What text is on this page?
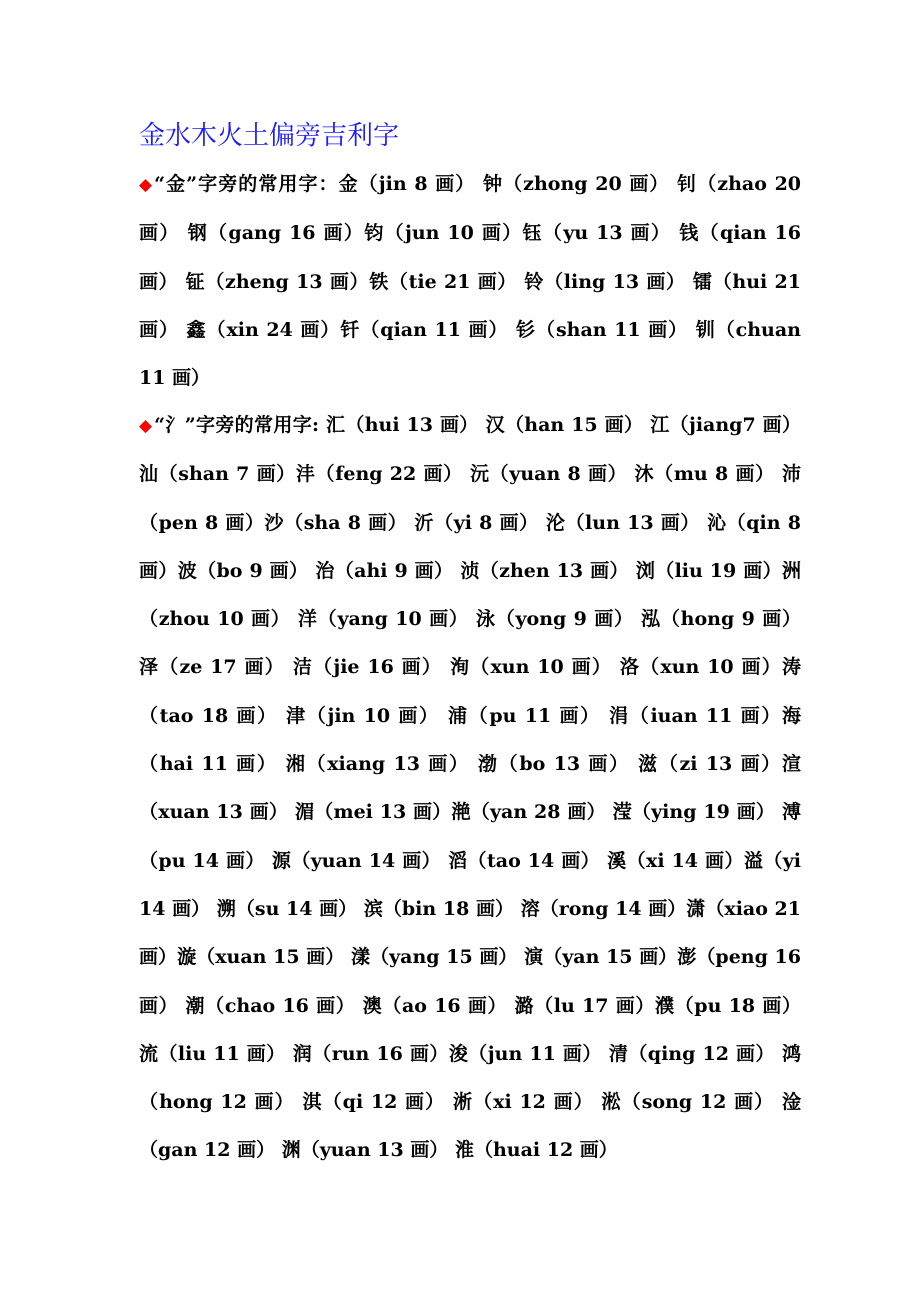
金水木火土偏旁吉利字

◆ “金”字旁的常用字：金（jin 8 画） 钟（zhong 20 画） 钊（zhao 20 画） 钢（gang 16 画）钧（jun 10 画）钰（yu 13 画） 钱（qian 16 画） 钲（zheng 13 画）铁（tie 21 画） 铃（ling 13 画） 镭（hui 21 画） 鑫（xin 24 画）钎（qian 11 画） 钐（shan 11 画） 钏（chuan 11 画）

◆ “氵”字旁的常用字: 汇（hui 13 画） 汉（han 15 画） 江（jiang7 画） 汕（shan 7 画）沣（feng 22 画） 沅（yuan 8 画） 沐（mu 8 画） 沛（pen 8 画）沙（sha 8 画） 沂（yi 8 画） 沦（lun 13 画） 沁（qin 8 画）波（bo 9 画） 治（ahi 9 画） 浈（zhen 13 画） 浏（liu 19 画）洲（zhou 10 画） 洋（yang 10 画） 泳（yong 9 画） 泓（hong 9 画）泽（ze 17 画） 洁（jie 16 画） 洵（xun 10 画） 洛（xun 10 画）涛（tao 18 画） 津（jin 10 画） 浦（pu 11 画） 涓（iuan 11 画）海（hai 11 画） 湘（xiang 13 画） 渤（bo 13 画） 滋（zi 13 画）渲（xuan 13 画） 湄（mei 13 画）滟（yan 28 画） 滢（ying 19 画） 溥（pu 14 画） 源（yuan 14 画） 滔（tao 14 画） 溪（xi 14 画）溢（yi 14 画） 溯（su 14 画） 滨（bin 18 画） 溶（rong 14 画）潇（xiao 21 画）漩（xuan 15 画） 漾（yang 15 画） 演（yan 15 画）澎（peng 16 画） 潮（chao 16 画） 澳（ao 16 画） 潞（lu 17 画）濮（pu 18 画） 流（liu 11 画） 润（run 16 画）浚（jun 11 画） 清（qing 12 画） 鸿（hong 12 画） 淇（qi 12 画） 淅（xi 12 画） 淞（song 12 画） 淦（gan 12 画） 渊（yuan 13 画） 淮（huai 12 画）
